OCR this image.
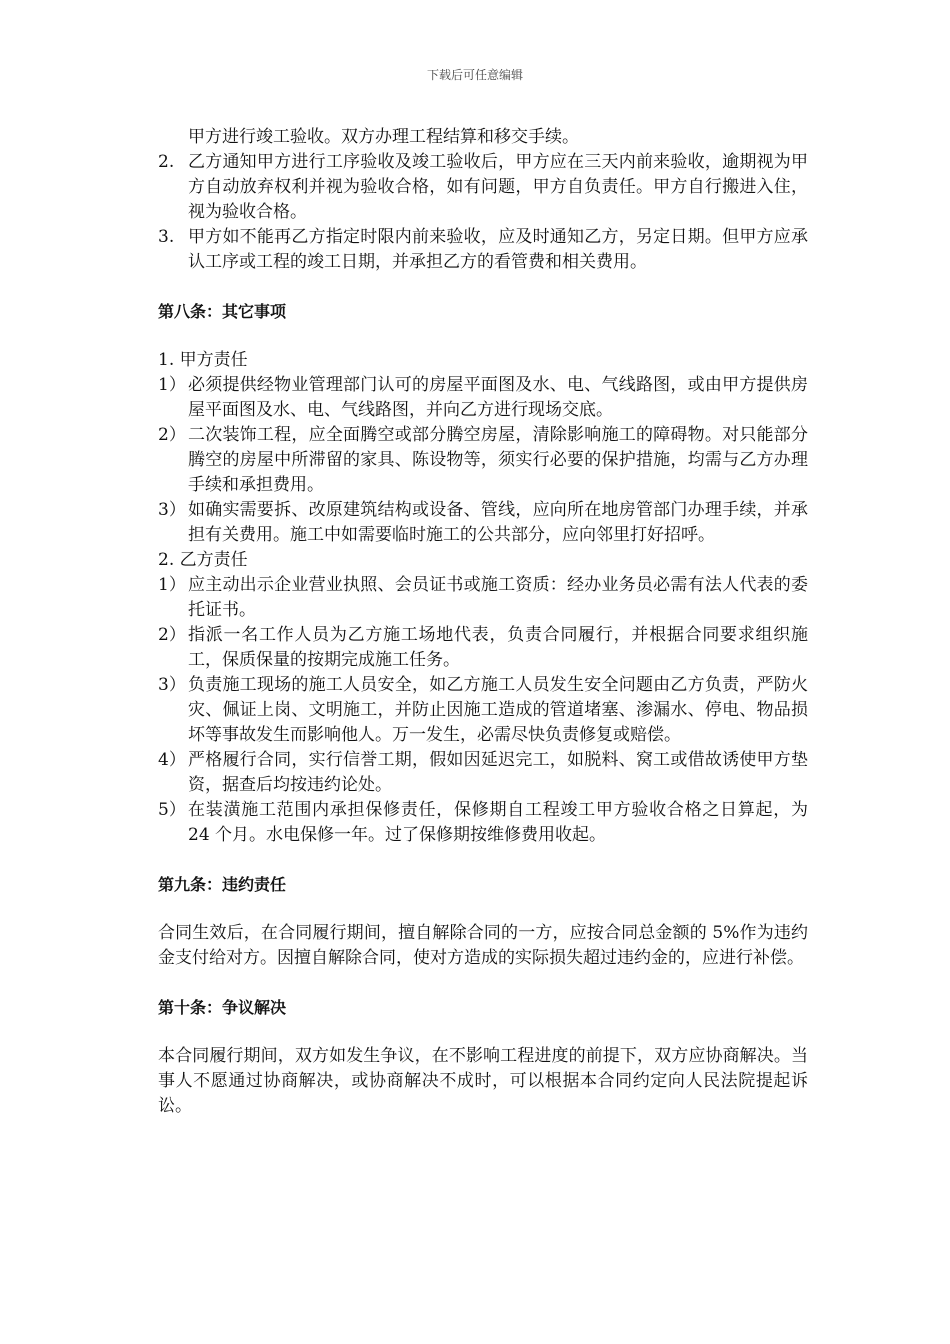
下载后可任意编辑

甲方进行竣工验收。双方办理工程结算和移交手续。

2. 乙方通知甲方进行工序验收及竣工验收后，甲方应在三天内前来验收，逾期视为甲方自动放弃权利并视为验收合格，如有问题，甲方自负责任。甲方自行搬进入住，视为验收合格。
3. 甲方如不能再乙方指定时限内前来验收，应及时通知乙方，另定日期。但甲方应承认工序或工程的竣工日期，并承担乙方的看管费和相关费用。

第八条：其它事项

1. 甲方责任

1） 必须提供经物业管理部门认可的房屋平面图及水、电、气线路图，或由甲方提供房屋平面图及水、电、气线路图，并向乙方进行现场交底。
2） 二次装饰工程，应全面腾空或部分腾空房屋，清除影响施工的障碍物。对只能部分腾空的房屋中所滞留的家具、陈设物等，须实行必要的保护措施，均需与乙方办理手续和承担费用。
3） 如确实需要拆、改原建筑结构或设备、管线，应向所在地房管部门办理手续，并承担有关费用。施工中如需要临时施工的公共部分，应向邻里打好招呼。

2. 乙方责任

1） 应主动出示企业营业执照、会员证书或施工资质：经办业务员必需有法人代表的委托证书。
2） 指派一名工作人员为乙方施工场地代表，负责合同履行，并根据合同要求组织施工，保质保量的按期完成施工任务。
3） 负责施工现场的施工人员安全，如乙方施工人员发生安全问题由乙方负责，严防火灾、佩证上岗、文明施工，并防止因施工造成的管道堵塞、渗漏水、停电、物品损坏等事故发生而影响他人。万一发生，必需尽快负责修复或赔偿。
4） 严格履行合同，实行信誉工期，假如因延迟完工，如脱料、窝工或借故诱使甲方垫资，据查后均按违约论处。
5） 在装潢施工范围内承担保修责任，保修期自工程竣工甲方验收合格之日算起，为 24 个月。水电保修一年。过了保修期按维修费用收起。

第九条：违约责任

合同生效后，在合同履行期间，擅自解除合同的一方，应按合同总金额的 5%作为违约金支付给对方。因擅自解除合同，使对方造成的实际损失超过违约金的，应进行补偿。

第十条：争议解决

本合同履行期间，双方如发生争议，在不影响工程进度的前提下，双方应协商解决。当事人不愿通过协商解决，或协商解决不成时，可以根据本合同约定向人民法院提起诉讼。
